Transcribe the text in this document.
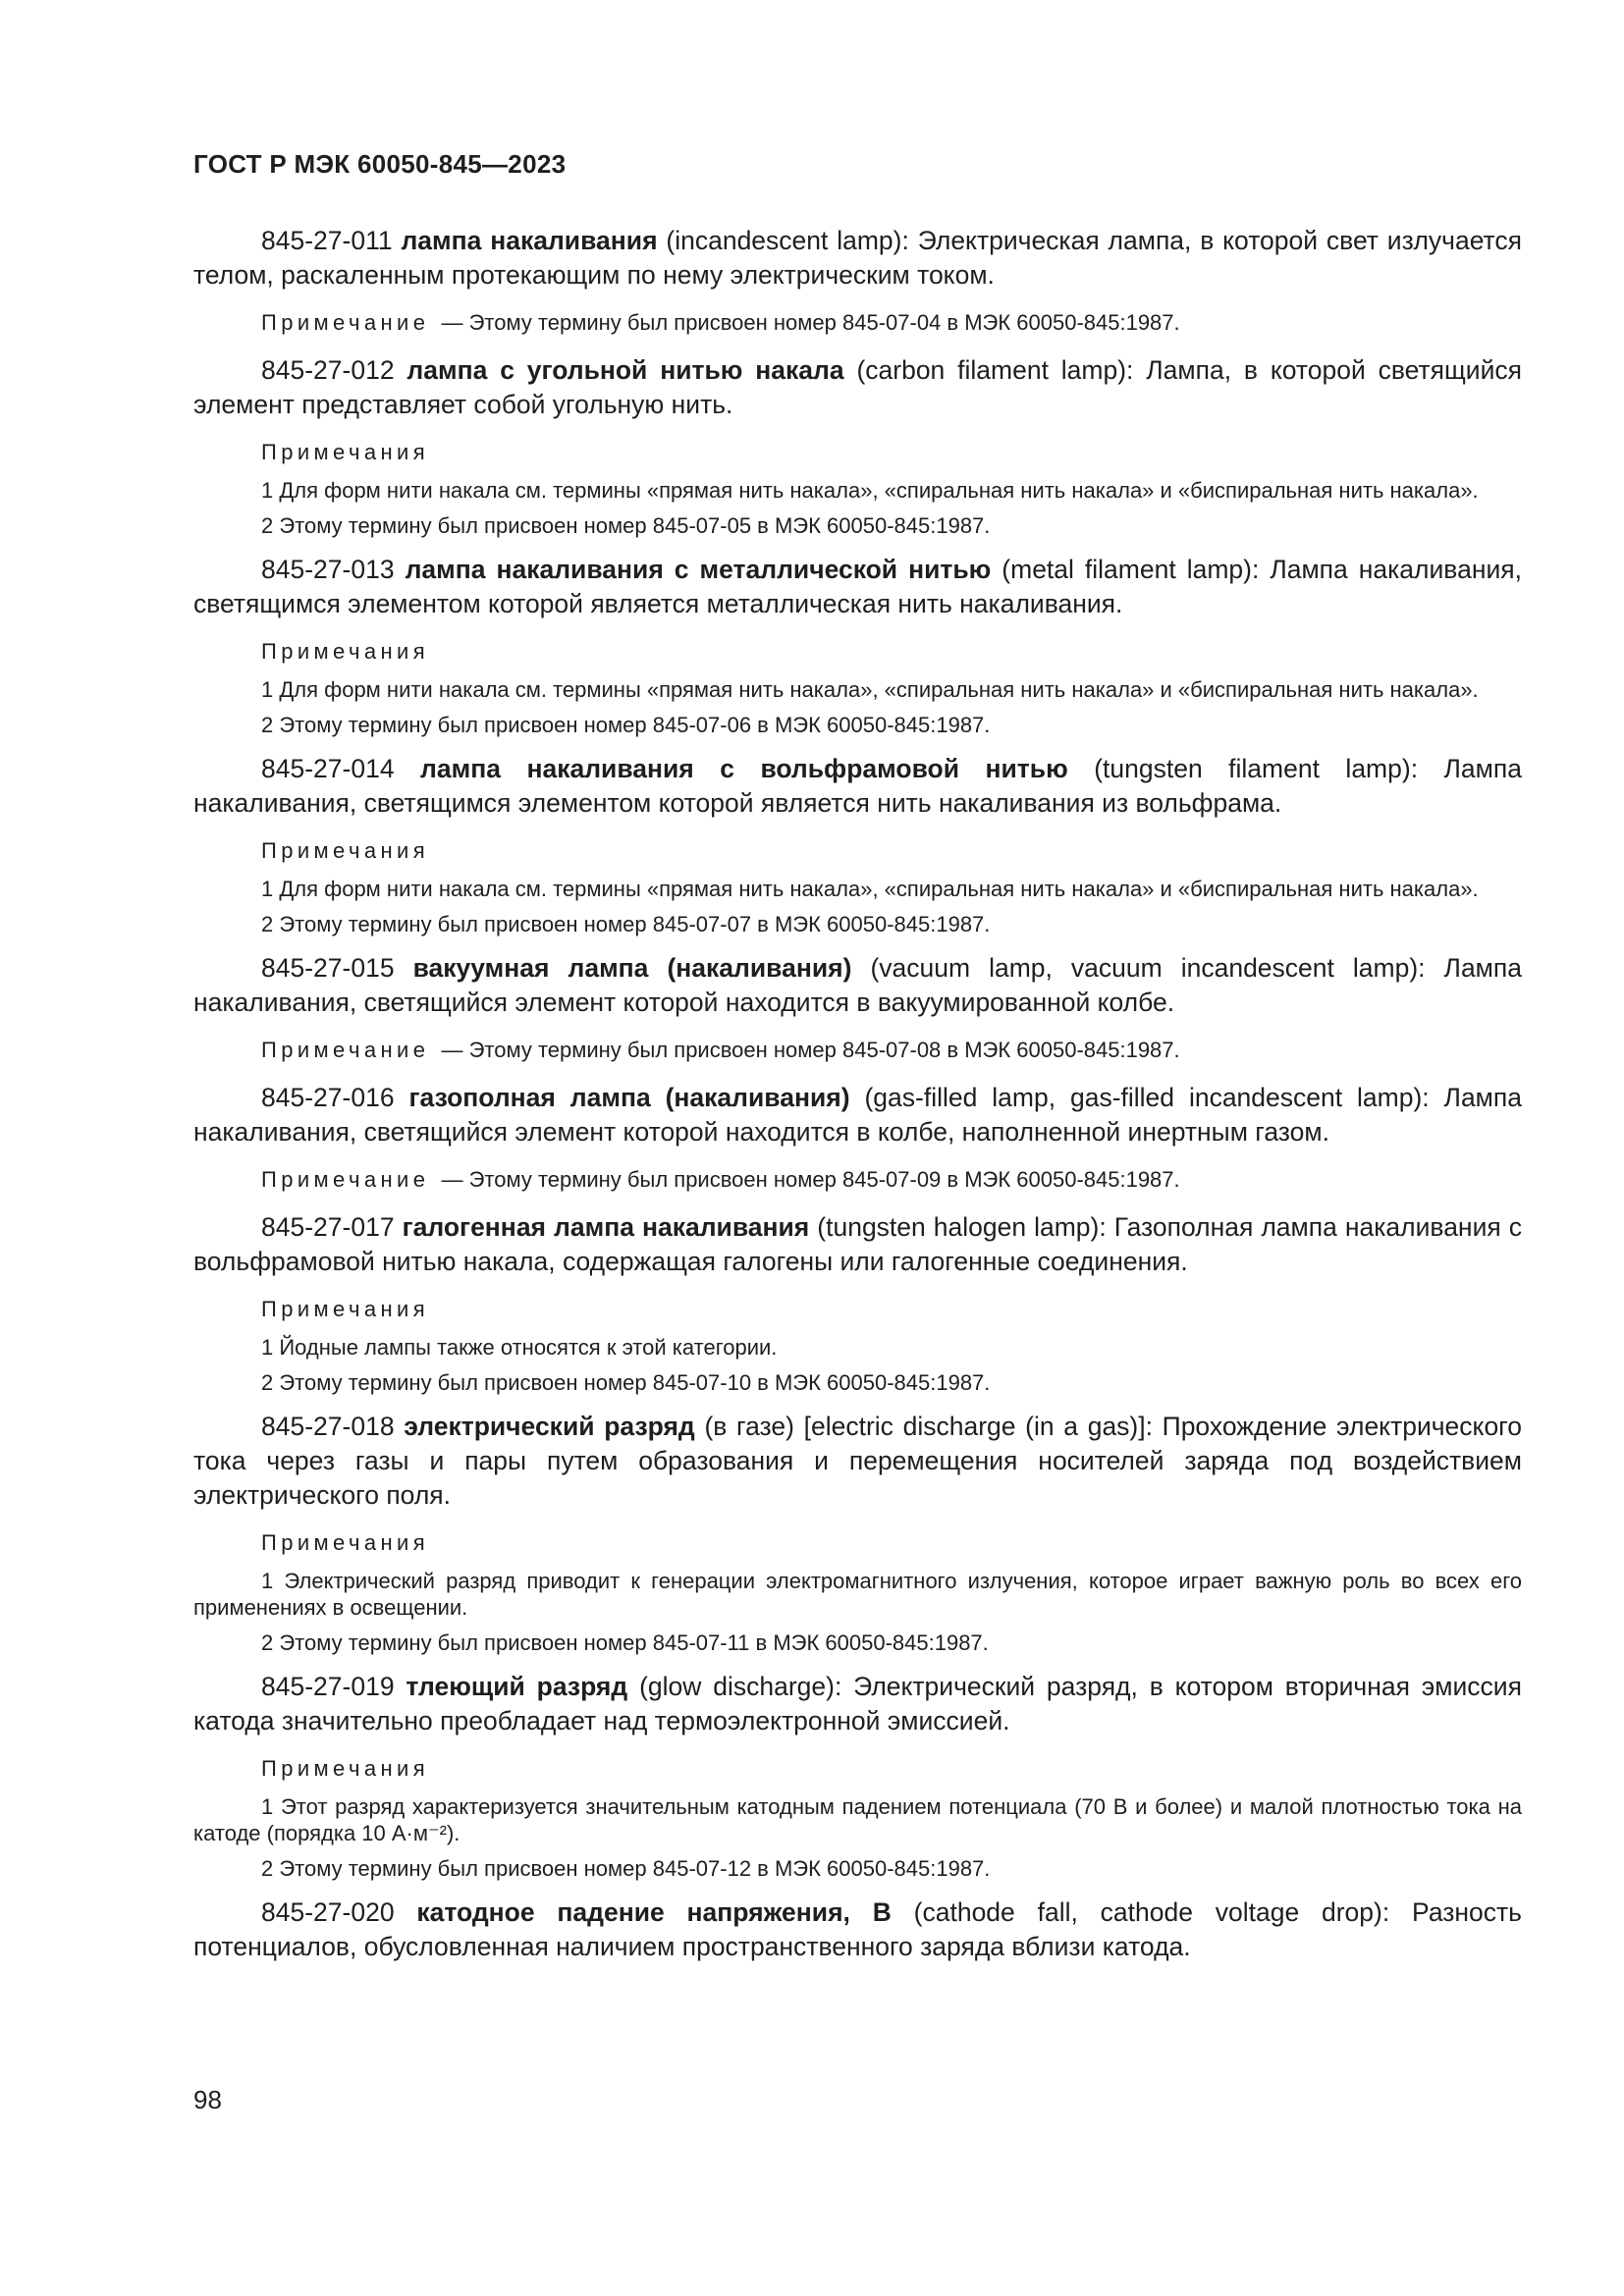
ГОСТ Р МЭК 60050-845—2023

845-27-011 лампа накаливания (incandescent lamp): Электрическая лампа, в которой свет излучается телом, раскаленным протекающим по нему электрическим током.

Примечание — Этому термину был присвоен номер 845-07-04 в МЭК 60050-845:1987.

845-27-012 лампа с угольной нитью накала (carbon filament lamp): Лампа, в которой светящийся элемент представляет собой угольную нить.

Примечания

1 Для форм нити накала см. термины «прямая нить накала», «спиральная нить накала» и «биспиральная нить накала».

2 Этому термину был присвоен номер 845-07-05 в МЭК 60050-845:1987.

845-27-013 лампа накаливания с металлической нитью (metal filament lamp): Лампа накаливания, светящимся элементом которой является металлическая нить накаливания.

Примечания

1 Для форм нити накала см. термины «прямая нить накала», «спиральная нить накала» и «биспиральная нить накала».

2 Этому термину был присвоен номер 845-07-06 в МЭК 60050-845:1987.

845-27-014 лампа накаливания с вольфрамовой нитью (tungsten filament lamp): Лампа накаливания, светящимся элементом которой является нить накаливания из вольфрама.

Примечания

1 Для форм нити накала см. термины «прямая нить накала», «спиральная нить накала» и «биспиральная нить накала».

2 Этому термину был присвоен номер 845-07-07 в МЭК 60050-845:1987.

845-27-015 вакуумная лампа (накаливания) (vacuum lamp, vacuum incandescent lamp): Лампа накаливания, светящийся элемент которой находится в вакуумированной колбе.

Примечание — Этому термину был присвоен номер 845-07-08 в МЭК 60050-845:1987.

845-27-016 газополная лампа (накаливания) (gas-filled lamp, gas-filled incandescent lamp): Лампа накаливания, светящийся элемент которой находится в колбе, наполненной инертным газом.

Примечание — Этому термину был присвоен номер 845-07-09 в МЭК 60050-845:1987.

845-27-017 галогенная лампа накаливания (tungsten halogen lamp): Газополная лампа накаливания с вольфрамовой нитью накала, содержащая галогены или галогенные соединения.

Примечания

1 Йодные лампы также относятся к этой категории.

2 Этому термину был присвоен номер 845-07-10 в МЭК 60050-845:1987.

845-27-018 электрический разряд (в газе) [electric discharge (in a gas)]: Прохождение электрического тока через газы и пары путем образования и перемещения носителей заряда под воздействием электрического поля.

Примечания

1 Электрический разряд приводит к генерации электромагнитного излучения, которое играет важную роль во всех его применениях в освещении.

2 Этому термину был присвоен номер 845-07-11 в МЭК 60050-845:1987.

845-27-019 тлеющий разряд (glow discharge): Электрический разряд, в котором вторичная эмиссия катода значительно преобладает над термоэлектронной эмиссией.

Примечания

1 Этот разряд характеризуется значительным катодным падением потенциала (70 В и более) и малой плотностью тока на катоде (порядка 10 А·м⁻²).

2 Этому термину был присвоен номер 845-07-12 в МЭК 60050-845:1987.

845-27-020 катодное падение напряжения, В (cathode fall, cathode voltage drop): Разность потенциалов, обусловленная наличием пространственного заряда вблизи катода.

98
